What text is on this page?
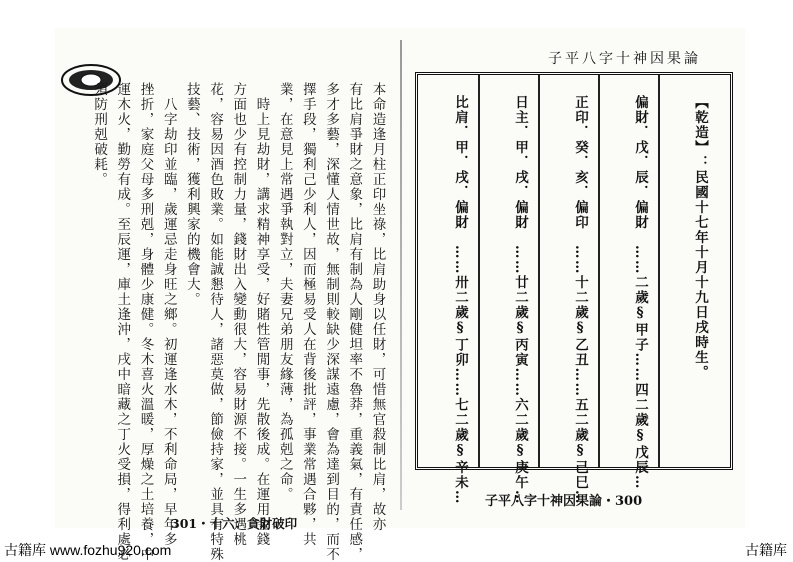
子平八字十神因果論
【乾造】：民國十七年十月十九日戌時生。
偏財．戊．辰．偏財　……二歲§甲子……四二歲§戊辰…
正印．癸．亥．偏印　……十二歲§乙丑……五二歲§己巳…
日主．甲．戌．偏財　……廿二歲§丙寅……六二歲§庚午…
比肩．甲．戌．偏財　……卅二歲§丁卯……七二歲§辛未…
本命造逢月柱正印坐祿，比肩助身以任財，可惜無官殺制比肩，故亦
有比肩爭財之意象，比肩有制為人剛健坦率不魯莽，重義氣，有責任感，
多才多藝，深懂人情世故，無制則較缺少深謀遠慮，會為達到目的，而不
擇手段，獨利己少利人，因而極易受人在背後批評，事業常遇合夥，共
業，在意見上常遇爭執對立，夫妻兄弟朋友緣薄，為孤剋之命。
　時上見劫財，講求精神享受，好賭性管閒事，先散後成。在運用金錢
方面也少有控制力量，錢財出入變動很大，容易財源不接。一生多遇桃
花，容易因酒色敗業。如能誠懇待人，諸惡莫做，節儉持家，並具有特殊
技藝、技術，獲利興家的機會大。
　八字劫印並臨，歲運忌走身旺之鄉。初運逢水木，不利命局，早年多
挫折，家庭父母多刑剋，身體少康健。冬木喜火溫暖，厚燥之土培養，中
運木火，勤勞有成。至辰運，庫土逢沖，戌中暗藏之丁火受損，得利處必
須防刑剋破耗。
301・十六：貪財破印
子平八字十神因果論・300
古籍库 www.fozhu920.com	古籍库
